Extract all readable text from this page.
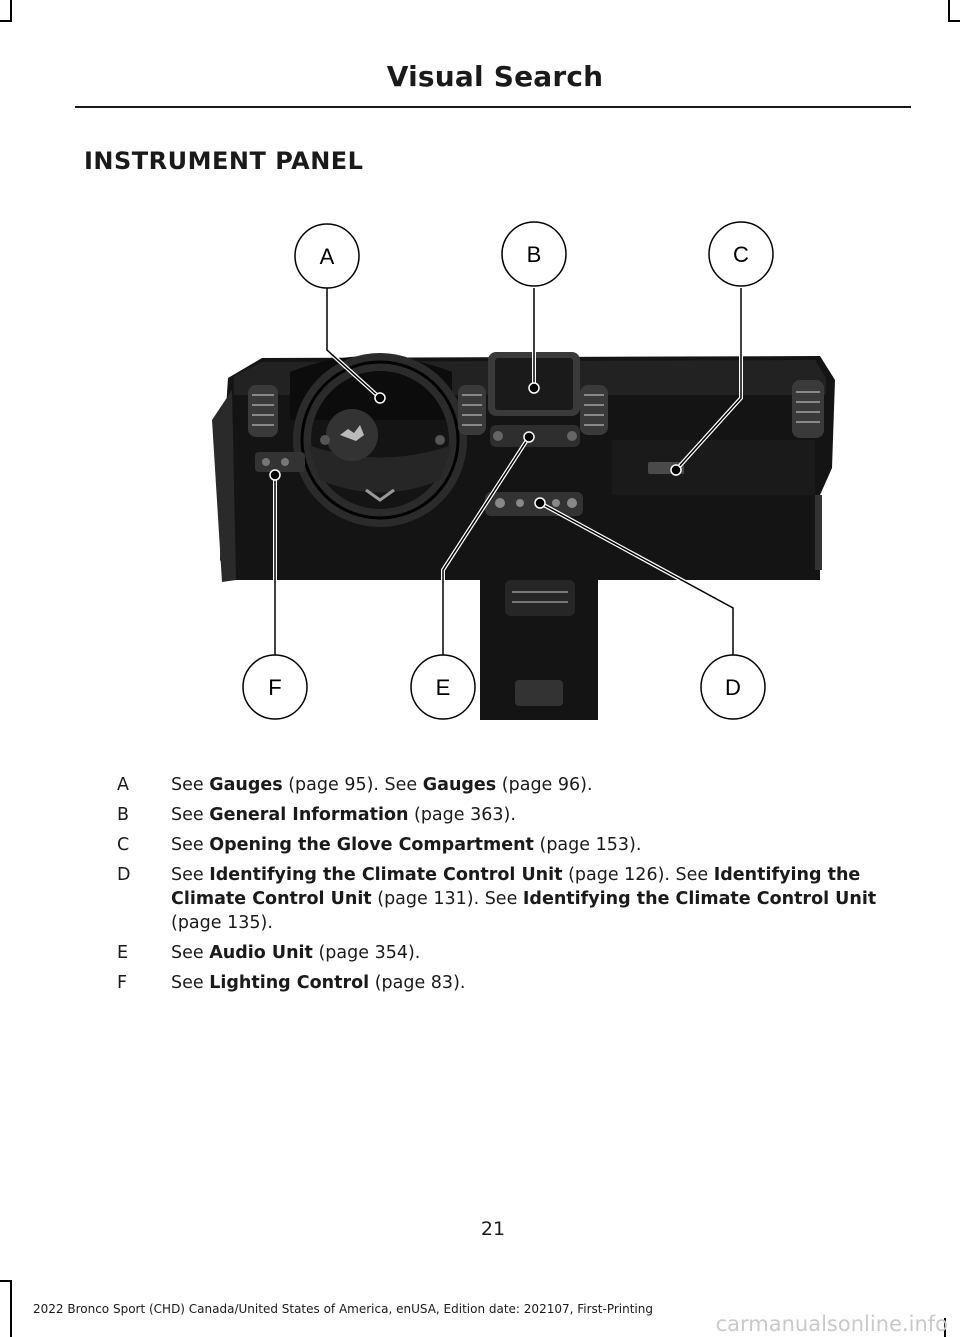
Visual Search
INSTRUMENT PANEL
A	B	C
D
E
F
A	See Gauges (page 95). See Gauges (page 96).
B	See General Information (page 363).
C	See Opening the Glove Compartment (page 153).
D	See Identifying the Climate Control Unit (page 126). See Identifying the Climate Control Unit (page 131). See Identifying the Climate Control Unit (page 135).
E	See Audio Unit (page 354).
F	See Lighting Control (page 83).
21
2022 Bronco Sport (CHD) Canada/United States of America, enUSA, Edition date: 202107, First-Printing
carmanualsonline.info
